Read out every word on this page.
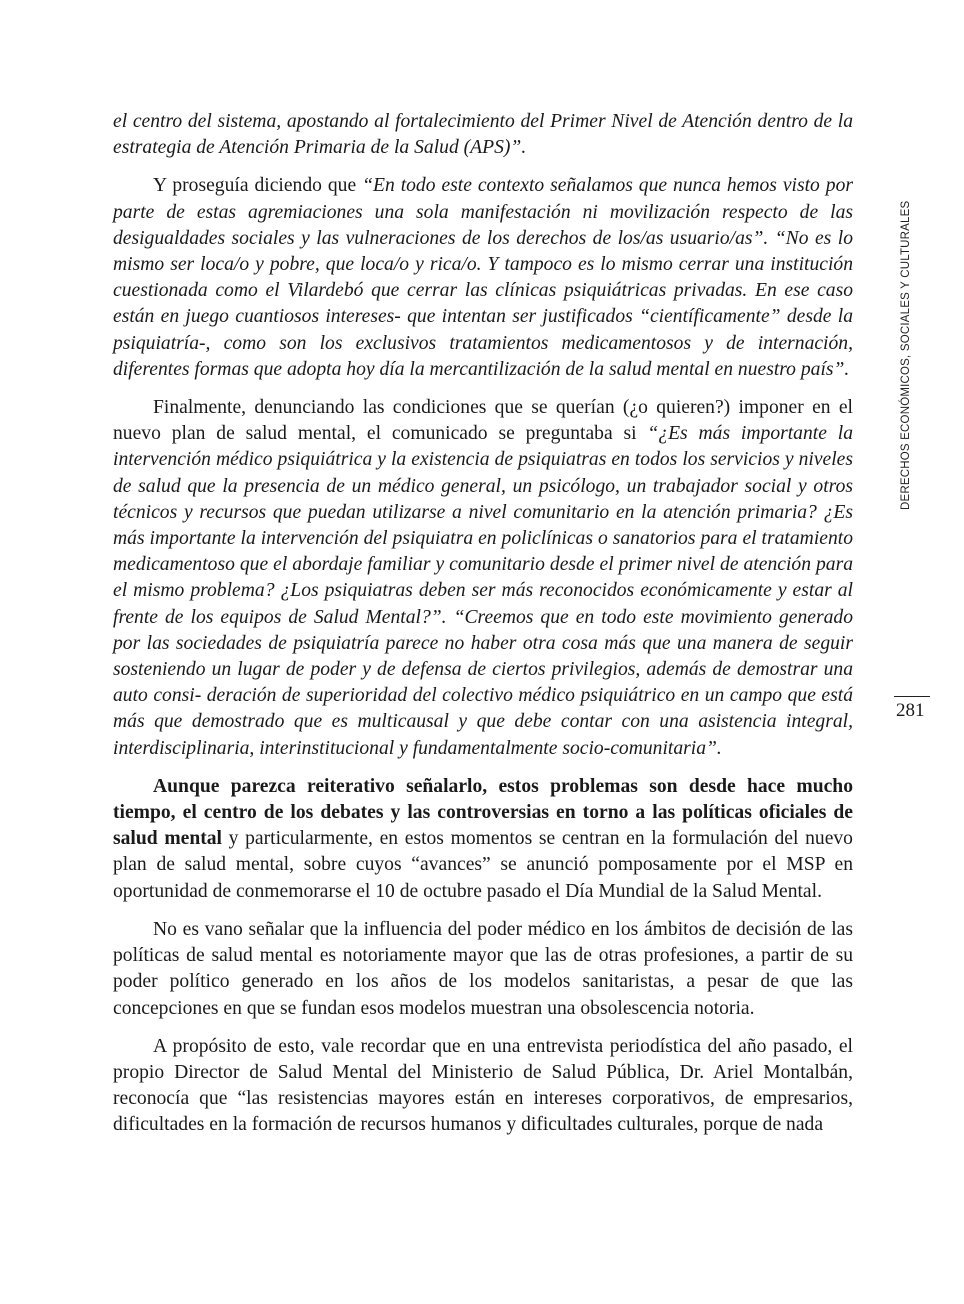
el centro del sistema, apostando al fortalecimiento del Primer Nivel de Atención dentro de la estrategia de Atención Primaria de la Salud (APS)”.

Y proseguía diciendo que “En todo este contexto señalamos que nunca hemos visto por parte de estas agremiaciones una sola manifestación ni movilización respecto de las desigualdades sociales y las vulneraciones de los derechos de los/as usuario/as”. “No es lo mismo ser loca/o y pobre, que loca/o y rica/o. Y tampoco es lo mismo cerrar una institución cuestionada como el Vilardebó que cerrar las clínicas psiquiátricas privadas. En ese caso están en juego cuantiosos intereses- que intentan ser justificados “científicamente” desde la psiquiatría-, como son los exclusivos tratamientos medicamentosos y de internación, diferentes formas que adopta hoy día la mercantilización de la salud mental en nuestro país”.

Finalmente, denunciando las condiciones que se querían (¿o quieren?) imponer en el nuevo plan de salud mental, el comunicado se preguntaba si “¿Es más importante la intervención médico psiquiátrica y la existencia de psiquiatras en todos los servicios y niveles de salud que la presencia de un médico general, un psicólogo, un trabajador social y otros técnicos y recursos que puedan utilizarse a nivel comunitario en la atención primaria? ¿Es más importante la intervención del psiquiatra en policlínicas o sanatorios para el tratamiento medicamentoso que el abordaje familiar y comunitario desde el primer nivel de atención para el mismo problema? ¿Los psiquiatras deben ser más reconocidos económicamente y estar al frente de los equipos de Salud Mental?”. “Creemos que en todo este movimiento generado por las sociedades de psiquiatría parece no haber otra cosa más que una manera de seguir sosteniendo un lugar de poder y de defensa de ciertos privilegios, además de demostrar una auto consi- deración de superioridad del colectivo médico psiquiátrico en un campo que está más que demostrado que es multicausal y que debe contar con una asistencia integral, interdisciplinaria, interinstitucional y fundamentalmente socio-comunitaria”.

Aunque parezca reiterativo señalarlo, estos problemas son desde hace mucho tiempo, el centro de los debates y las controversias en torno a las políticas oficiales de salud mental y particularmente, en estos momentos se centran en la formulación del nuevo plan de salud mental, sobre cuyos “avances” se anunció pomposamente por el MSP en oportunidad de conmemorarse el 10 de octubre pasado el Día Mundial de la Salud Mental.

No es vano señalar que la influencia del poder médico en los ámbitos de decisión de las políticas de salud mental es notoriamente mayor que las de otras profesiones, a partir de su poder político generado en los años de los modelos sanitaristas, a pesar de que las concepciones en que se fundan esos modelos muestran una obsolescencia notoria.

A propósito de esto, vale recordar que en una entrevista periodística del año pasado, el propio Director de Salud Mental del Ministerio de Salud Pública, Dr. Ariel Montalbán, reconocía que “las resistencias mayores están en intereses corporativos, de empresarios, dificultades en la formación de recursos humanos y dificultades culturales, porque de nada

DERECHOS ECONÓMICOS, SOCIALES Y CULTURALES
281
